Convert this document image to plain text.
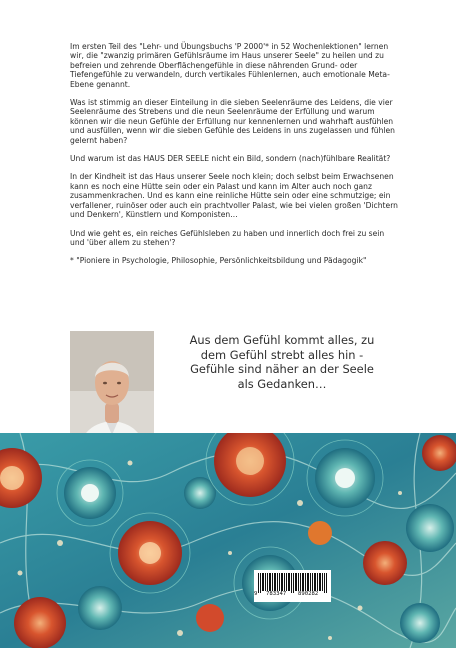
Im ersten Teil des "Lehr- und Übungsbuchs 'P 2000'* in 52 Wochenlektionen" lernen wir, die "zwanzig primären Gefühlsräume im Haus unserer Seele" zu heilen und zu befreien und zehrende Oberflächengefühle in diese nährenden Grund- oder Tiefengefühle zu verwandeln, durch vertikales Fühlenlernen, auch emotionale Meta-Ebene genannt.

Was ist stimmig an dieser Einteilung in die sieben Seelenräume des Leidens, die vier Seelenräume des Strebens und die neun Seelenräume der Erfüllung und warum können wir die neun Gefühle der Erfüllung nur kennenlernen und wahrhaft ausfühlen und ausfüllen, wenn wir die sieben Gefühle des Leidens in uns zugelassen und fühlen gelernt haben?

Und warum ist das HAUS DER SEELE nicht ein Bild, sondern (nach)fühlbare Realität?

In der Kindheit ist das Haus unserer Seele noch klein; doch selbst beim Erwachsenen kann es noch eine Hütte sein oder ein Palast und kann im Alter auch noch ganz zusammenkrachen. Und es kann eine reinliche Hütte sein oder eine schmutzige; ein verfallener, ruinöser oder auch ein prachtvoller Palast, wie bei vielen großen 'Dichtern und Denkern', Künstlern und Komponisten…

Und wie geht es, ein reiches Gefühlsleben zu haben und innerlich doch frei zu sein und 'über allem zu stehen'?

* "Pioniere in Psychologie, Philosophie, Persönlichkeitsbildung und Pädagogik"

Aus dem Gefühl kommt alles, zu dem Gefühl strebt alles hin - Gefühle sind näher an der Seele als Gedanken…
9 783347 890282
